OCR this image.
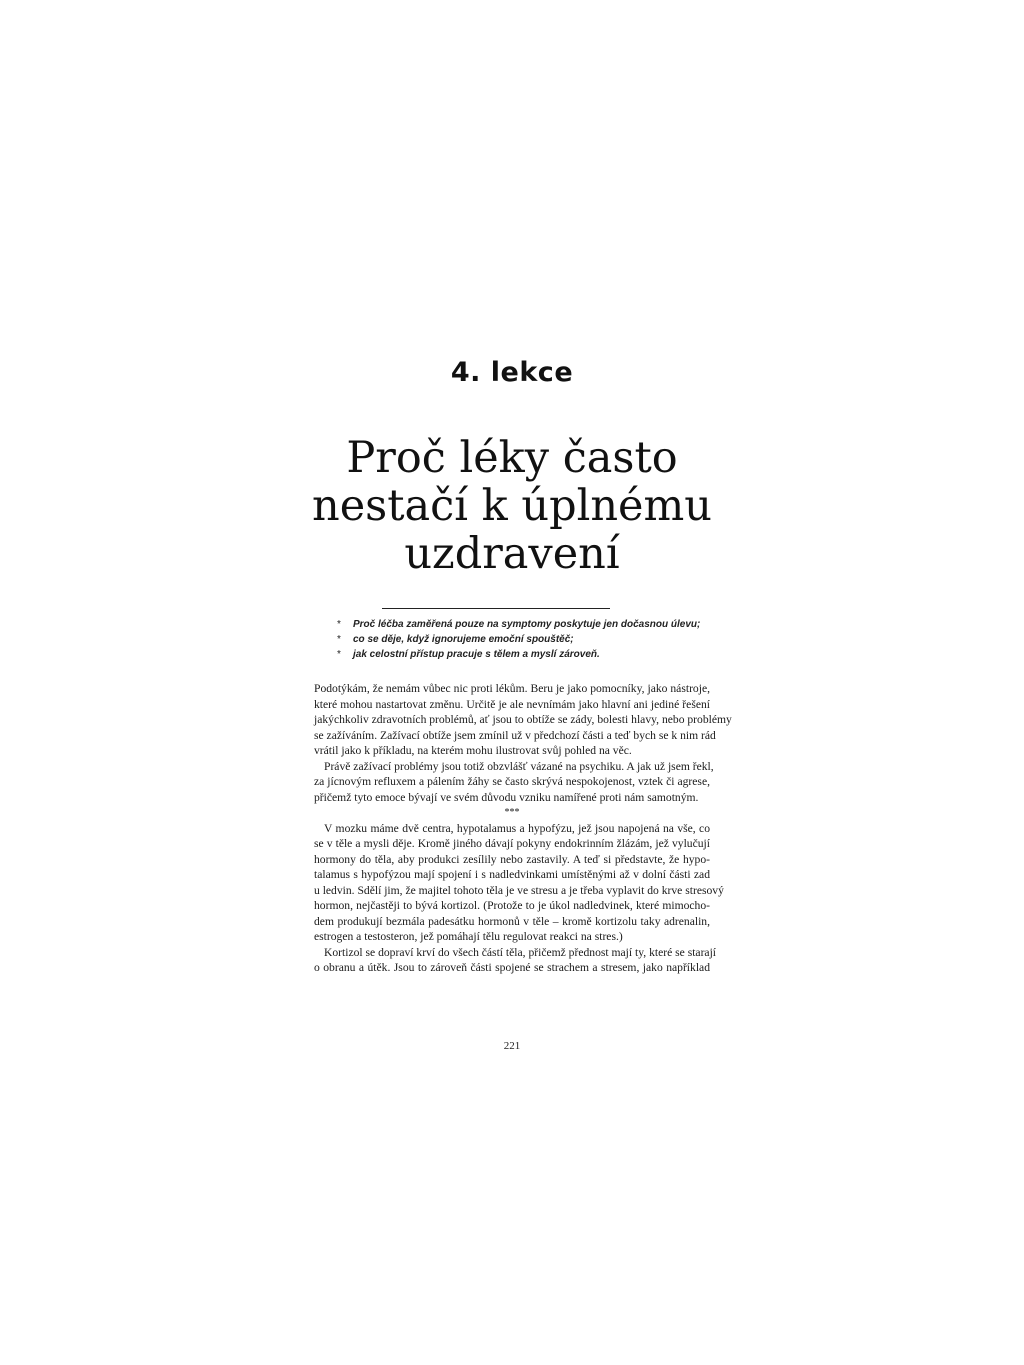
4. lekce
Proč léky často
nestačí k úplnému
uzdravení
* Proč léčba zaměřená pouze na symptomy poskytuje jen dočasnou úlevu;
* co se děje, když ignorujeme emoční spouštěč;
* jak celostní přístup pracuje s tělem a myslí zároveň.
Podotýkám, že nemám vůbec nic proti lékům. Beru je jako pomocníky, jako nástroje,
které mohou nastartovat změnu. Určitě je ale nevnímám jako hlavní ani jediné řešení
jakýchkoliv zdravotních problémů, ať jsou to obtíže se zády, bolesti hlavy, nebo problémy
se zažíváním. Zažívací obtíže jsem zmínil už v předchozí části a teď bych se k nim rád
vrátil jako k příkladu, na kterém mohu ilustrovat svůj pohled na věc.
Právě zažívací problémy jsou totiž obzvlášť vázané na psychiku. A jak už jsem řekl,
za jícnovým refluxem a pálením žáhy se často skrývá nespokojenost, vztek či agrese,
přičemž tyto emoce bývají ve svém důvodu vzniku namířené proti nám samotným.
***
V mozku máme dvě centra, hypotalamus a hypofýzu, jež jsou napojená na vše, co
se v těle a mysli děje. Kromě jiného dávají pokyny endokrinním žlázám, jež vylučují
hormony do těla, aby produkci zesílily nebo zastavily. A teď si představte, že hypo-
talamus s hypofýzou mají spojení i s nadledvinkami umístěnými až v dolní části zad
u ledvin. Sdělí jim, že majitel tohoto těla je ve stresu a je třeba vyplavit do krve stresový
hormon, nejčastěji to bývá kortizol. (Protože to je úkol nadledvinek, které mimocho-
dem produkují bezmála padesátku hormonů v těle – kromě kortizolu taky adrenalin,
estrogen a testosteron, jež pomáhají tělu regulovat reakci na stres.)
Kortizol se dopraví krví do všech částí těla, přičemž přednost mají ty, které se starají
o obranu a útěk. Jsou to zároveň části spojené se strachem a stresem, jako například
221
